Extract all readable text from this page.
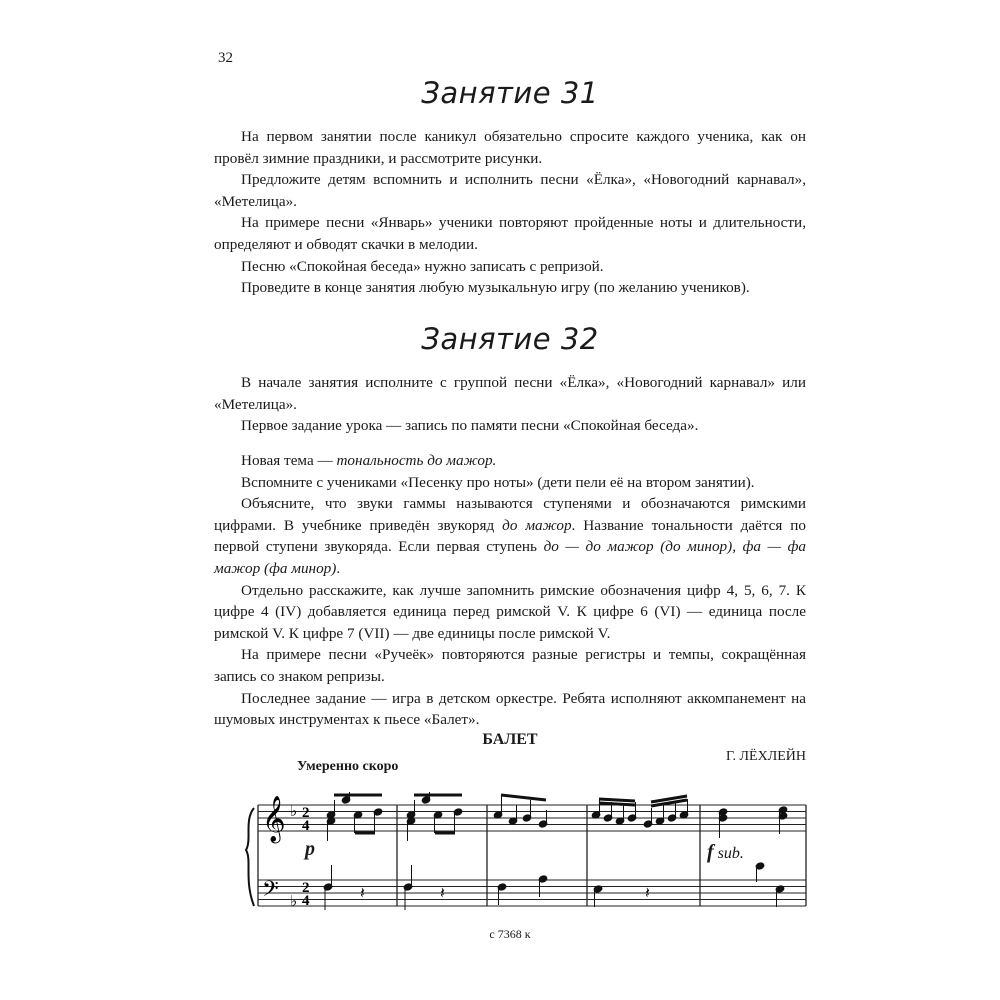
32
Занятие 31

На первом занятии после каникул обязательно спросите каждого ученика, как он провёл зимние праздники, и рассмотрите рисунки.

Предложите детям вспомнить и исполнить песни «Ёлка», «Новогодний карнавал», «Метелица».

На примере песни «Январь» ученики повторяют пройденные ноты и длительности, определяют и обводят скачки в мелодии.

Песню «Спокойная беседа» нужно записать с репризой.

Проведите в конце занятия любую музыкальную игру (по желанию учеников).

Занятие 32

В начале занятия исполните с группой песни «Ёлка», «Новогодний карнавал» или «Метелица».

Первое задание урока — запись по памяти песни «Спокойная беседа».

Новая тема — тональность до мажор.

Вспомните с учениками «Песенку про ноты» (дети пели её на втором занятии).

Объясните, что звуки гаммы называются ступенями и обозначаются римскими цифрами. В учебнике приведён звукоряд до мажор. Название тональности даётся по первой ступени звукоряда. Если первая ступень до — до мажор (до минор), фа — фа мажор (фа минор).

Отдельно расскажите, как лучше запомнить римские обозначения цифр 4, 5, 6, 7. К цифре 4 (IV) добавляется единица перед римской V. К цифре 6 (VI) — единица после римской V. К цифре 7 (VII) — две единицы после римской V.

На примере песни «Ручеёк» повторяются разные регистры и темпы, сокращённая запись со знаком репризы.

Последнее задание — игра в детском оркестре. Ребята исполняют аккомпанемент на шумовых инструментах к пьесе «Балет».

БАЛЕТ
Г. ЛЁХЛЕЙН
Умеренно скоро
p	f sub.
𝄞
𝄢
♭
♭
2
4
2
4	𝄽	𝄽	𝄽
с 7368 к
